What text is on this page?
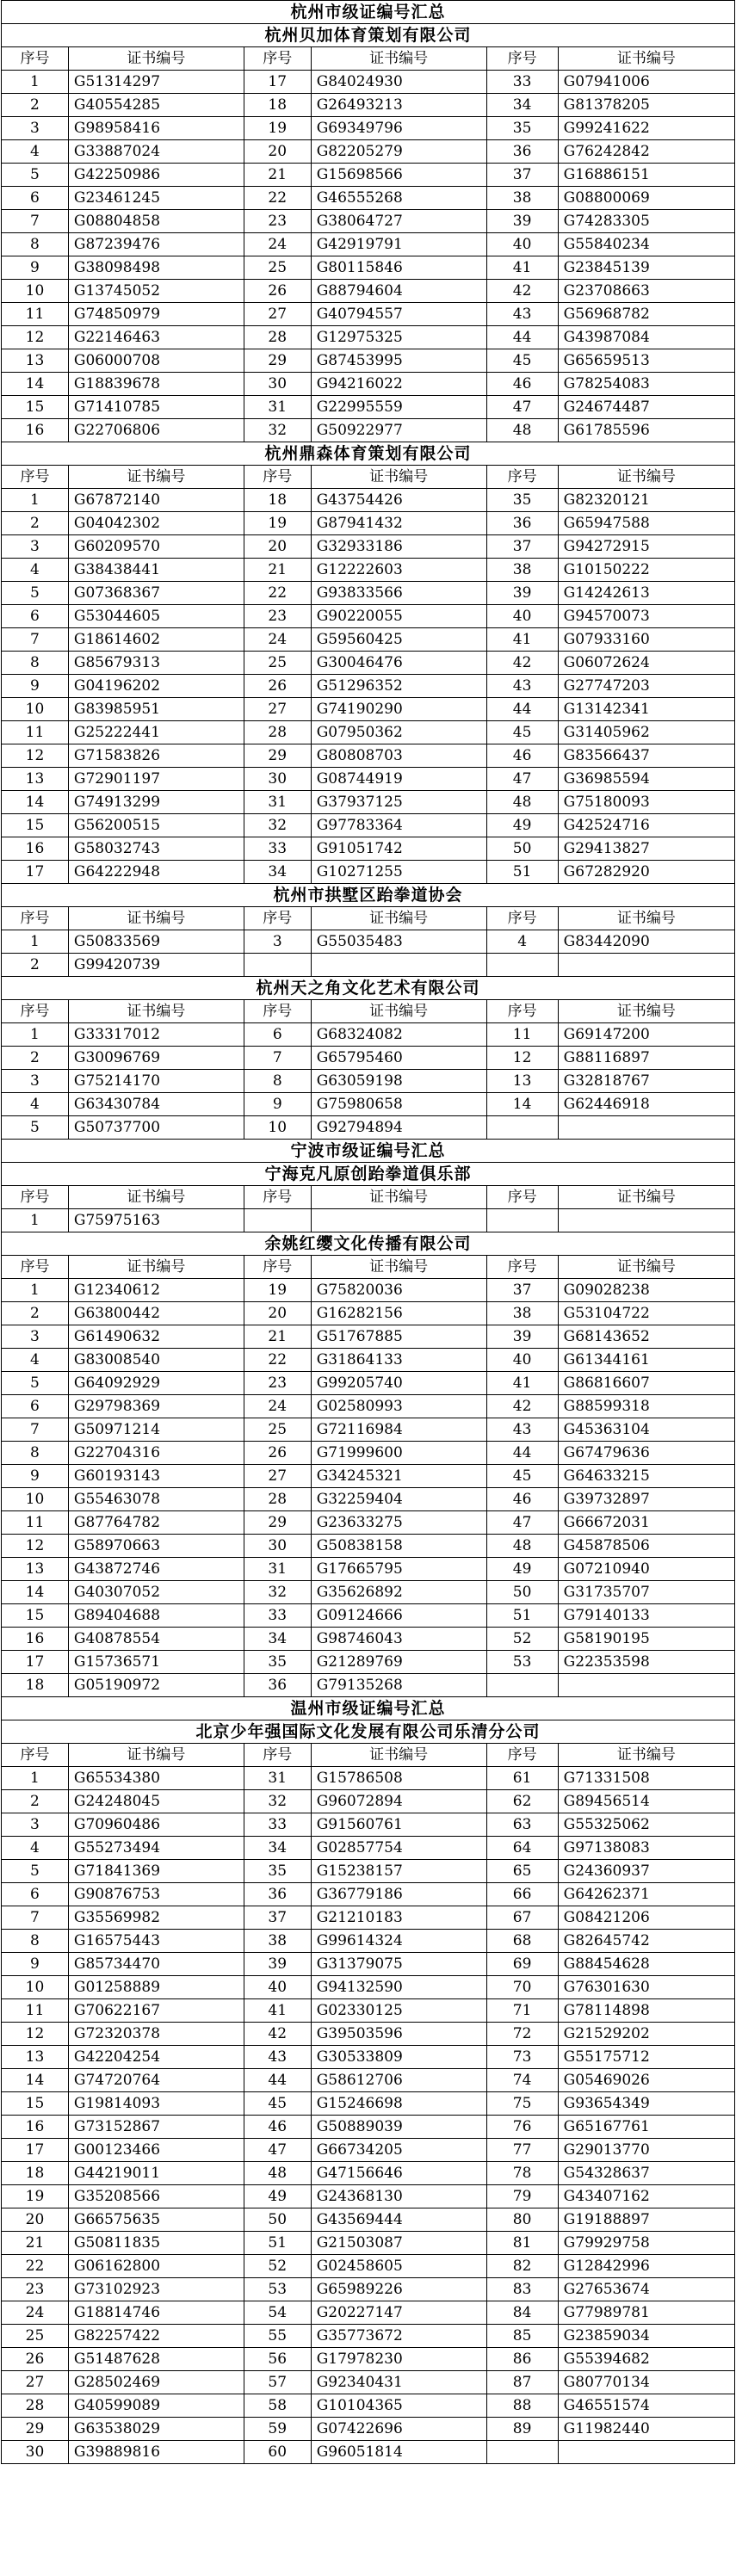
杭州市级证编号汇总					
杭州贝加体育策划有限公司					
序号	证书编号	序号	证书编号	序号	证书编号
1	G51314297	17	G84024930	33	G07941006
2	G40554285	18	G26493213	34	G81378205
3	G98958416	19	G69349796	35	G99241622
4	G33887024	20	G82205279	36	G76242842
5	G42250986	21	G15698566	37	G16886151
6	G23461245	22	G46555268	38	G08800069
7	G08804858	23	G38064727	39	G74283305
8	G87239476	24	G42919791	40	G55840234
9	G38098498	25	G80115846	41	G23845139
10	G13745052	26	G88794604	42	G23708663
11	G74850979	27	G40794557	43	G56968782
12	G22146463	28	G12975325	44	G43987084
13	G06000708	29	G87453995	45	G65659513
14	G18839678	30	G94216022	46	G78254083
15	G71410785	31	G22995559	47	G24674487
16	G22706806	32	G50922977	48	G61785596
杭州鼎森体育策划有限公司					
序号	证书编号	序号	证书编号	序号	证书编号
1	G67872140	18	G43754426	35	G82320121
2	G04042302	19	G87941432	36	G65947588
3	G60209570	20	G32933186	37	G94272915
4	G38438441	21	G12222603	38	G10150222
5	G07368367	22	G93833566	39	G14242613
6	G53044605	23	G90220055	40	G94570073
7	G18614602	24	G59560425	41	G07933160
8	G85679313	25	G30046476	42	G06072624
9	G04196202	26	G51296352	43	G27747203
10	G83985951	27	G74190290	44	G13142341
11	G25222441	28	G07950362	45	G31405962
12	G71583826	29	G80808703	46	G83566437
13	G72901197	30	G08744919	47	G36985594
14	G74913299	31	G37937125	48	G75180093
15	G56200515	32	G97783364	49	G42524716
16	G58032743	33	G91051742	50	G29413827
17	G64222948	34	G10271255	51	G67282920
杭州市拱墅区跆拳道协会					
序号	证书编号	序号	证书编号	序号	证书编号
1	G50833569	3	G55035483	4	G83442090
2	G99420739				
杭州天之角文化艺术有限公司					
序号	证书编号	序号	证书编号	序号	证书编号
1	G33317012	6	G68324082	11	G69147200
2	G30096769	7	G65795460	12	G88116897
3	G75214170	8	G63059198	13	G32818767
4	G63430784	9	G75980658	14	G62446918
5	G50737700	10	G92794894		
宁波市级证编号汇总					
宁海克凡原创跆拳道俱乐部					
序号	证书编号	序号	证书编号	序号	证书编号
1	G75975163				
余姚红缨文化传播有限公司					
序号	证书编号	序号	证书编号	序号	证书编号
1	G12340612	19	G75820036	37	G09028238
2	G63800442	20	G16282156	38	G53104722
3	G61490632	21	G51767885	39	G68143652
4	G83008540	22	G31864133	40	G61344161
5	G64092929	23	G99205740	41	G86816607
6	G29798369	24	G02580993	42	G88599318
7	G50971214	25	G72116984	43	G45363104
8	G22704316	26	G71999600	44	G67479636
9	G60193143	27	G34245321	45	G64633215
10	G55463078	28	G32259404	46	G39732897
11	G87764782	29	G23633275	47	G66672031
12	G58970663	30	G50838158	48	G45878506
13	G43872746	31	G17665795	49	G07210940
14	G40307052	32	G35626892	50	G31735707
15	G89404688	33	G09124666	51	G79140133
16	G40878554	34	G98746043	52	G58190195
17	G15736571	35	G21289769	53	G22353598
18	G05190972	36	G79135268		
温州市级证编号汇总					
北京少年强国际文化发展有限公司乐清分公司					
序号	证书编号	序号	证书编号	序号	证书编号
1	G65534380	31	G15786508	61	G71331508
2	G24248045	32	G96072894	62	G89456514
3	G70960486	33	G91560761	63	G55325062
4	G55273494	34	G02857754	64	G97138083
5	G71841369	35	G15238157	65	G24360937
6	G90876753	36	G36779186	66	G64262371
7	G35569982	37	G21210183	67	G08421206
8	G16575443	38	G99614324	68	G82645742
9	G85734470	39	G31379075	69	G88454628
10	G01258889	40	G94132590	70	G76301630
11	G70622167	41	G02330125	71	G78114898
12	G72320378	42	G39503596	72	G21529202
13	G42204254	43	G30533809	73	G55175712
14	G74720764	44	G58612706	74	G05469026
15	G19814093	45	G15246698	75	G93654349
16	G73152867	46	G50889039	76	G65167761
17	G00123466	47	G66734205	77	G29013770
18	G44219011	48	G47156646	78	G54328637
19	G35208566	49	G24368130	79	G43407162
20	G66575635	50	G43569444	80	G19188897
21	G50811835	51	G21503087	81	G79929758
22	G06162800	52	G02458605	82	G12842996
23	G73102923	53	G65989226	83	G27653674
24	G18814746	54	G20227147	84	G77989781
25	G82257422	55	G35773672	85	G23859034
26	G51487628	56	G17978230	86	G55394682
27	G28502469	57	G92340431	87	G80770134
28	G40599089	58	G10104365	88	G46551574
29	G63538029	59	G07422696	89	G11982440
30	G39889816	60	G96051814		
